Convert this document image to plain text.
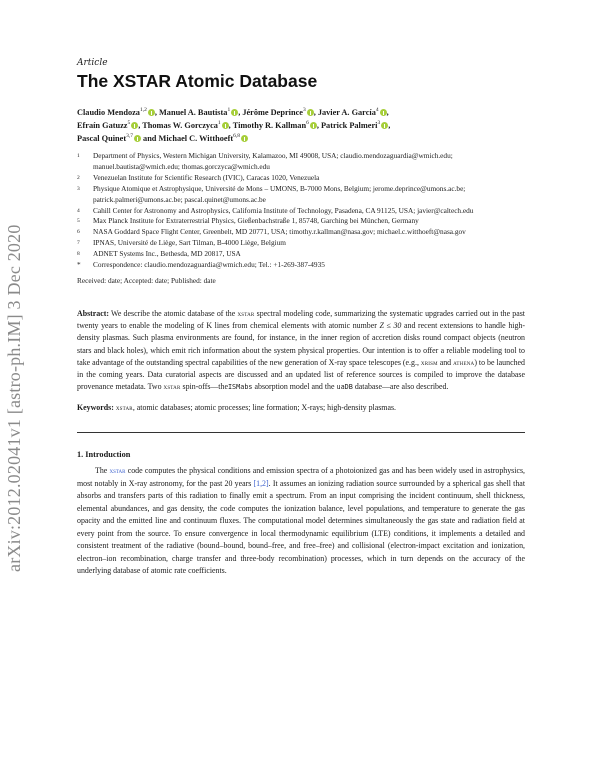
arXiv:2012.02041v1 [astro-ph.IM] 3 Dec 2020
Article
The XSTAR Atomic Database
Claudio Mendoza$^{1,2}$ , Manuel A. Bautista$^1$ , Jérôme Deprince$^3$ , Javier A. García$^4$ ,
Efraín Gatuzz$^5$ , Thomas W. Gorczyca$^1$ , Timothy R. Kallman$^6$ , Patrick Palmeri$^3$ ,
Pascal Quinet$^{3,7}$ and Michael C. Witthoeft$^{6,8}$
1	Department of Physics, Western Michigan University, Kalamazoo, MI 49008, USA; claudio.mendozaguardia@wmich.edu; manuel.bautista@wmich.edu; thomas.gorczyca@wmich.edu
2	Venezuelan Institute for Scientific Research (IVIC), Caracas 1020, Venezuela
3	Physique Atomique et Astrophysique, Université de Mons – UMONS, B-7000 Mons, Belgium; jerome.deprince@umons.ac.be; patrick.palmeri@umons.ac.be; pascal.quinet@umons.ac.be
4	Cahill Center for Astronomy and Astrophysics, California Institute of Technology, Pasadena, CA 91125, USA; javier@caltech.edu
5	Max Planck Institute for Extraterrestrial Physics, Gießenbachstraße 1, 85748, Garching bei München, Germany
6	NASA Goddard Space Flight Center, Greenbelt, MD 20771, USA; timothy.r.kallman@nasa.gov; michael.c.witthoeft@nasa.gov
7	IPNAS, Université de Liège, Sart Tilman, B-4000 Liège, Belgium
8	ADNET Systems Inc., Bethesda, MD 20817, USA
*	Correspondence: claudio.mendozaguardia@wmich.edu; Tel.: +1-269-387-4935
Received: date; Accepted: date; Published: date
Abstract: We describe the atomic database of the xstar spectral modeling code, summarizing the systematic upgrades carried out in the past twenty years to enable the modeling of K lines from chemical elements with atomic number Z ≤ 30 and recent extensions to handle high-density plasmas. Such plasma environments are found, for instance, in the inner region of accretion disks round compact objects (neutron stars and black holes), which emit rich information about the system physical properties. Our intention is to offer a reliable modeling tool to take advantage of the outstanding spectral capabilities of the new generation of X-ray space telescopes (e.g., xrism and athena) to be launched in the coming years. Data curatorial aspects are discussed and an updated list of reference sources is compiled to improve the database provenance metadata. Two xstar spin-offs—theISMabs absorption model and the uaDB database—are also described.
Keywords: xstar, atomic databases; atomic processes; line formation; X-rays; high-density plasmas.
1. Introduction
The xstar code computes the physical conditions and emission spectra of a photoionized gas and has been widely used in astrophysics, most notably in X-ray astronomy, for the past 20 years [1,2]. It assumes an ionizing radiation source surrounded by a spherical gas shell that absorbs and transfers parts of this radiation to finally emit a spectrum. From an input comprising the incident continuum, shell thickness, elemental abundances, and gas density, the code computes the ionization balance, level populations, and temperature to generate the gas opacity and the emitted line and continuum fluxes. The computational model determines simultaneously the gas state and radiation field at every point from the source. To ensure convergence in local thermodynamic equilibrium (LTE) conditions, it implements a detailed and consistent treatment of the radiative (bound–bound, bound–free, and free–free) and collisional (electron-impact excitation and ionization, electron–ion recombination, charge transfer and three-body recombination) processes, which in turn depends on the accuracy of the underlying database of atomic rate coefficients.
